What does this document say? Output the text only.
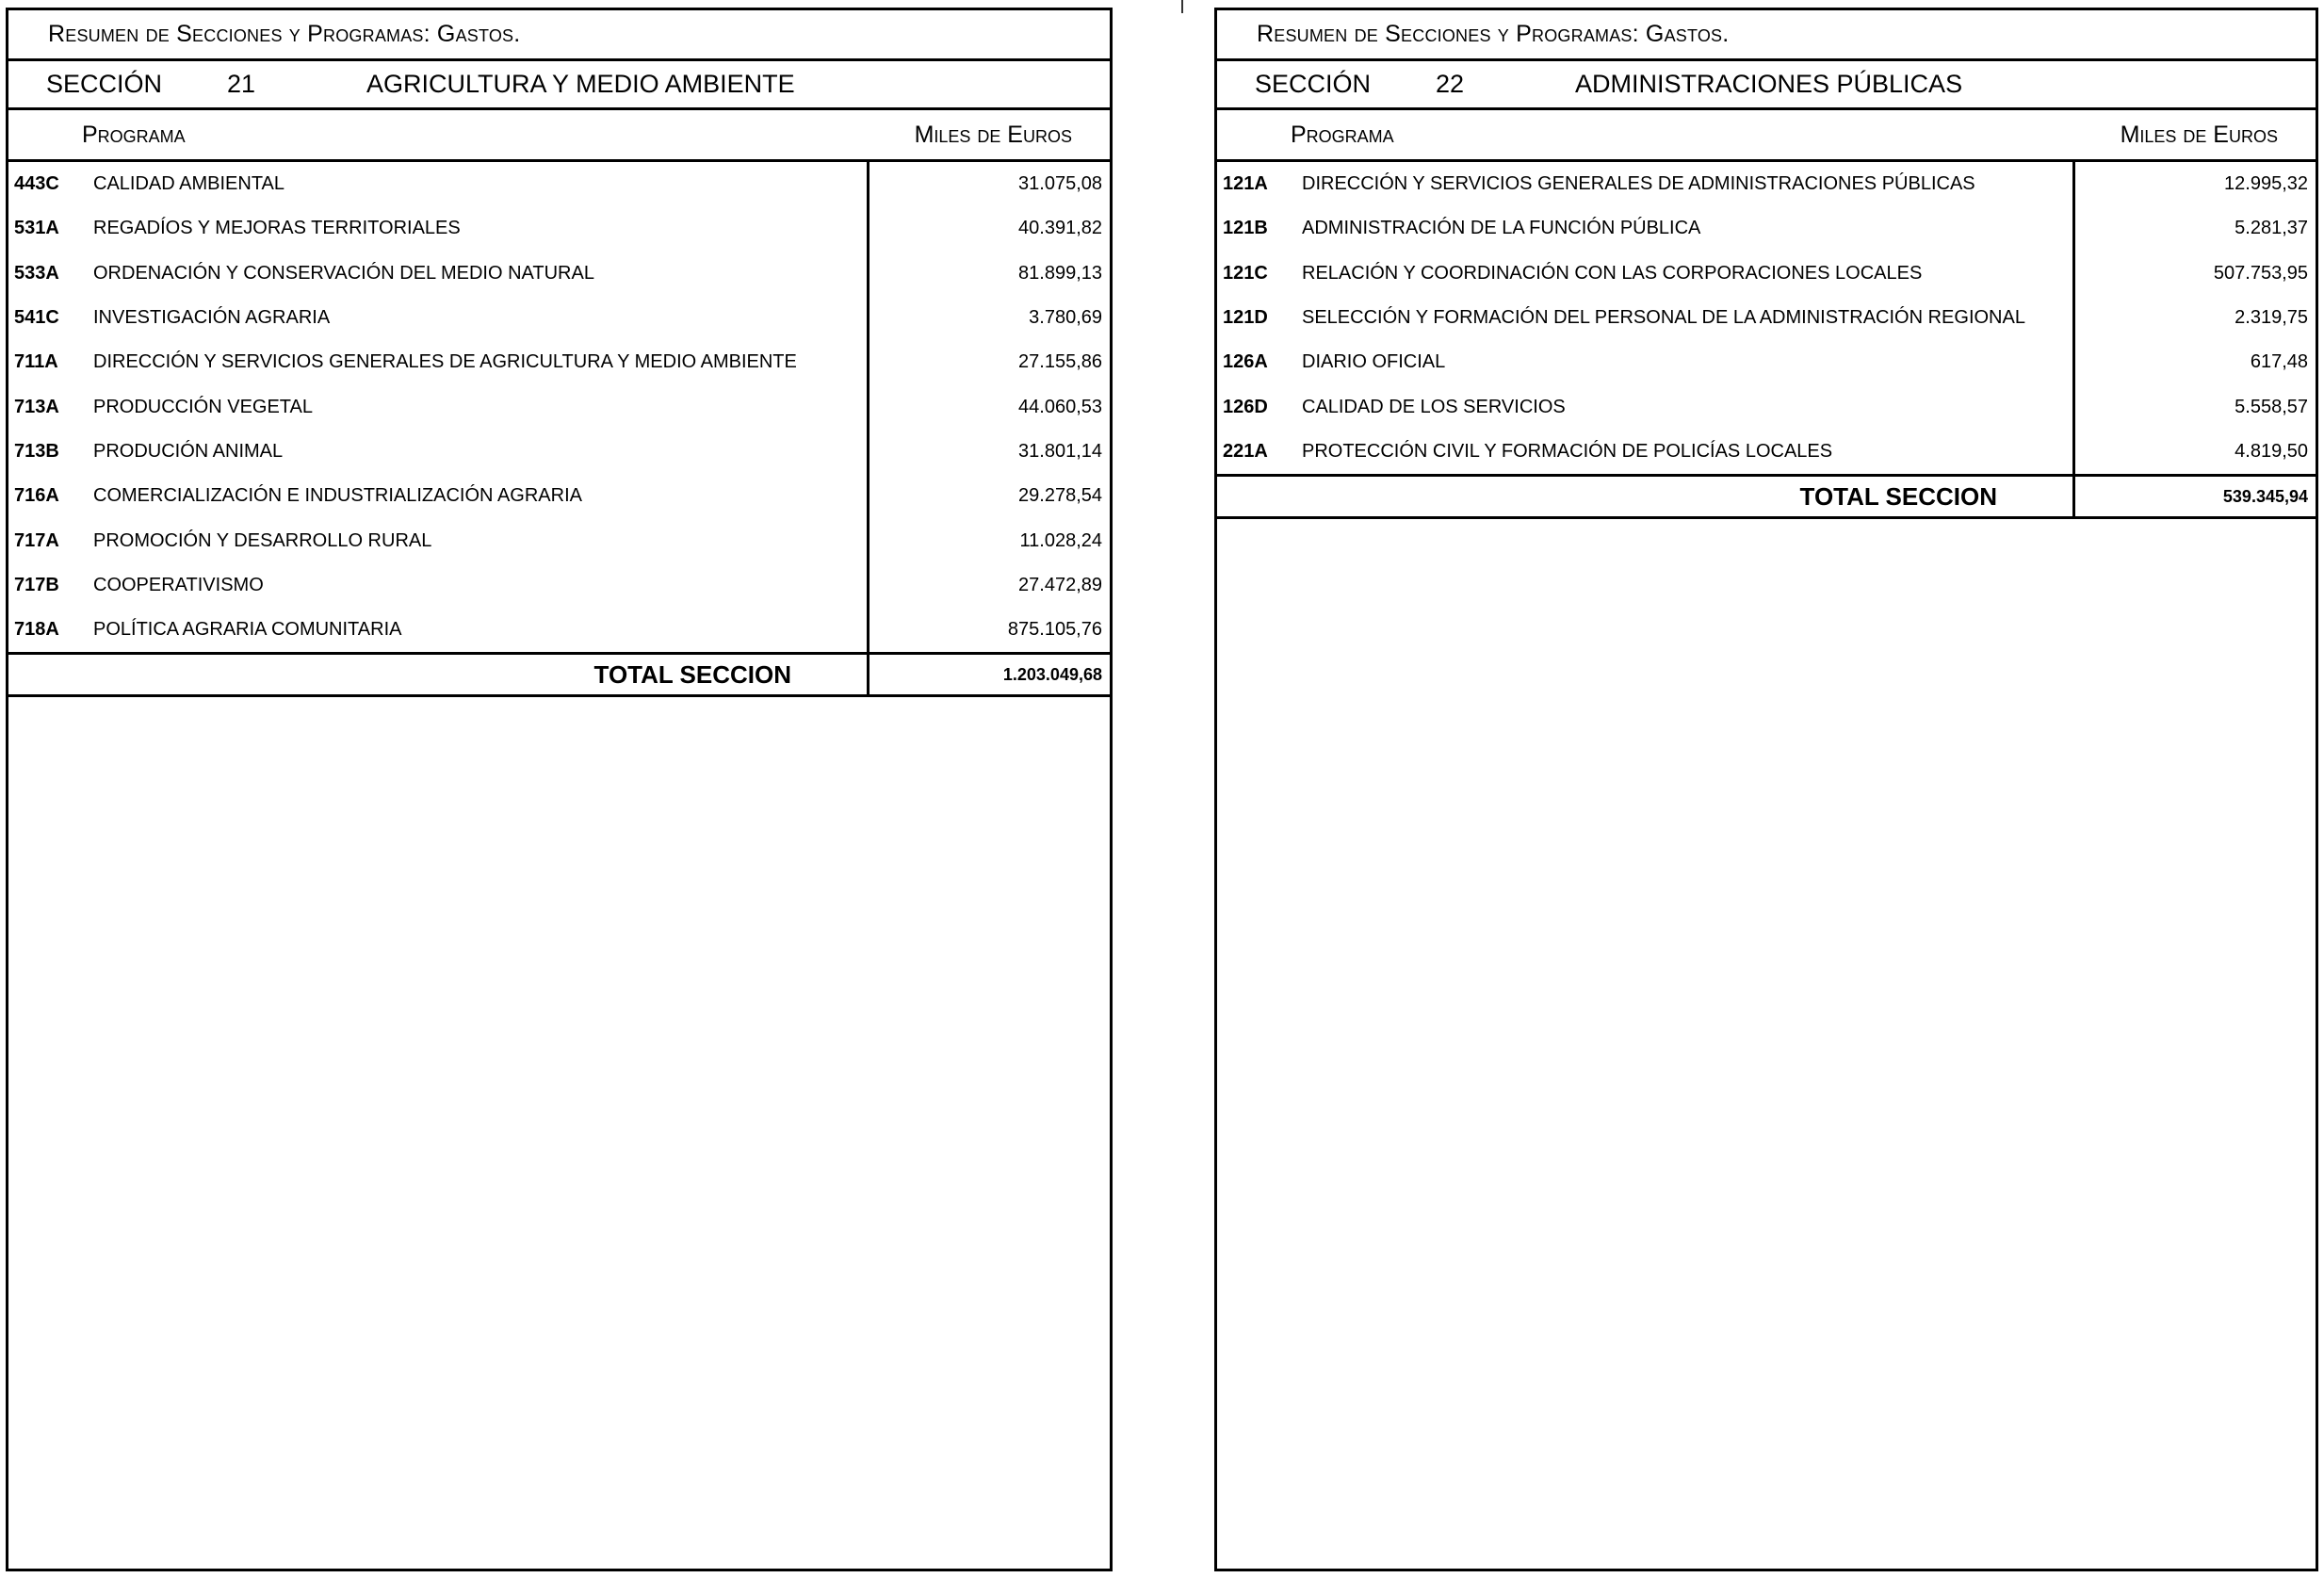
Resumen de Secciones y Programas: Gastos.
SECCIÓN	21	AGRICULTURA Y MEDIO AMBIENTE
Programa	Miles de Euros
443C	CALIDAD AMBIENTAL	31.075,08
531A	REGADÍOS Y MEJORAS TERRITORIALES	40.391,82
533A	ORDENACIÓN Y CONSERVACIÓN DEL MEDIO NATURAL	81.899,13
541C	INVESTIGACIÓN AGRARIA	3.780,69
711A	DIRECCIÓN Y SERVICIOS GENERALES DE AGRICULTURA Y MEDIO AMBIENTE	27.155,86
713A	PRODUCCIÓN VEGETAL	44.060,53
713B	PRODUCIÓN ANIMAL	31.801,14
716A	COMERCIALIZACIÓN E INDUSTRIALIZACIÓN AGRARIA	29.278,54
717A	PROMOCIÓN Y DESARROLLO RURAL	11.028,24
717B	COOPERATIVISMO	27.472,89
718A	POLÍTICA AGRARIA COMUNITARIA	875.105,76
TOTAL SECCION	1.203.049,68
Resumen de Secciones y Programas: Gastos.
SECCIÓN	22	ADMINISTRACIONES PÚBLICAS
Programa	Miles de Euros
121A	DIRECCIÓN Y SERVICIOS GENERALES DE ADMINISTRACIONES PÚBLICAS	12.995,32
121B	ADMINISTRACIÓN DE LA FUNCIÓN PÚBLICA	5.281,37
121C	RELACIÓN Y COORDINACIÓN CON LAS CORPORACIONES LOCALES	507.753,95
121D	SELECCIÓN Y FORMACIÓN DEL PERSONAL DE LA ADMINISTRACIÓN REGIONAL	2.319,75
126A	DIARIO OFICIAL	617,48
126D	CALIDAD DE LOS SERVICIOS	5.558,57
221A	PROTECCIÓN CIVIL Y FORMACIÓN DE POLICÍAS LOCALES	4.819,50
TOTAL SECCION	539.345,94
